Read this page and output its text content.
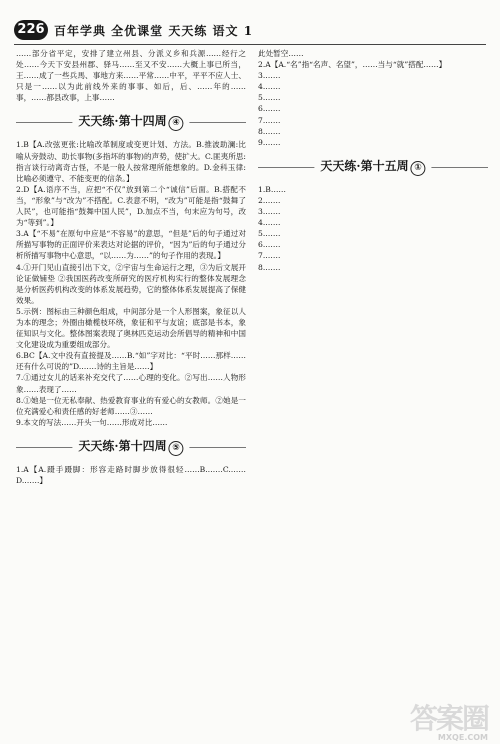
226 百年学典 全优课堂 天天练 语文 1

……部分省平定，安排了建立州县、分派义乡和兵源……经行之处……今天下安县州郡、驿马……至又不安……大概上事已所当，王……成了一些兵馬、事地方来……平常……中平，平平不应人士、只是一……以为此前线外来的事事、如后，后、……年的……事，……都县改事，上事……

天天练·第十四周 ④

1.B【A.改弦更张:比喻改革制度或变更计划、方法。B.推波助澜:比喻从旁鼓动、助长事物(多指坏的事物)的声势，使扩大。C.匪夷所思:指言谈行动离奇古怪，不是一般人按常理所能想象的。D.金科玉律:比喻必须遵守、不能变更的信条。】

2.D【A.语序不当，应把“不仅”放到第二个“诚信”后面。B.搭配不当，“形象”与“改为”不搭配。C.表意不明，“改为”可能是指“鼓舞了人民”，也可能指“鼓舞中国人民”，D.加点不当，句末应为句号，改为“等到”。】

3.A【“不易”在原句中应是“不容易”的意思，“但是”后的句子通过对所描写事物的正面评价来表达对论据的评价，“因为”后的句子通过分析所描写事物中心意思，“以……为……”的句子作用的表现。】

4.①开门见山直接引出下文，②宇宙与生命运行之理，③为后文展开论证做铺垫 ②我国医药改变所研究的医疗机构实行的整体发展理念是分析医药机构改变的体系发展趋势，它的整体体系发展提高了保健效果。

5.示例：图标由三种颜色组成，中间部分是一个人形图案，象征以人为本的理念；外圈由橄榄枝环绕，象征和平与友谊；底部是书本，象征知识与文化。整体图案表现了奥林匹克运动会所倡导的精神和中国文化建设成为重要组成部分。

6.BC【A.文中没有直接提及……B.“如”字对比：“平时……那样……还有什么可说的”D.……诗的主旨是……】

7.①通过女儿的话来补充交代了……心理的变化。②写出……人物形象……表现了……

8.①她是一位无私奉献、热爱教育事业的有爱心的女教师。②她是一位充满爱心和责任感的好老师……③……

9.本文的写法……开头一句……形成对比……

天天练·第十四周 ⑤

1.A【A.蹑手蹑脚：形容走路时脚步放得很轻……B.……C.……D.……】

此处暂空……

2.A【A.“名”指“名声、名望”，……当与“就”搭配……】

3.……

4.……

5.……

6.……

7.……

8.……

9.……

天天练·第十五周 ①

1.B……

2.……

3.……

4.……

5.……

6.……

7.……

8.……

答案圈
MXQE.COM
